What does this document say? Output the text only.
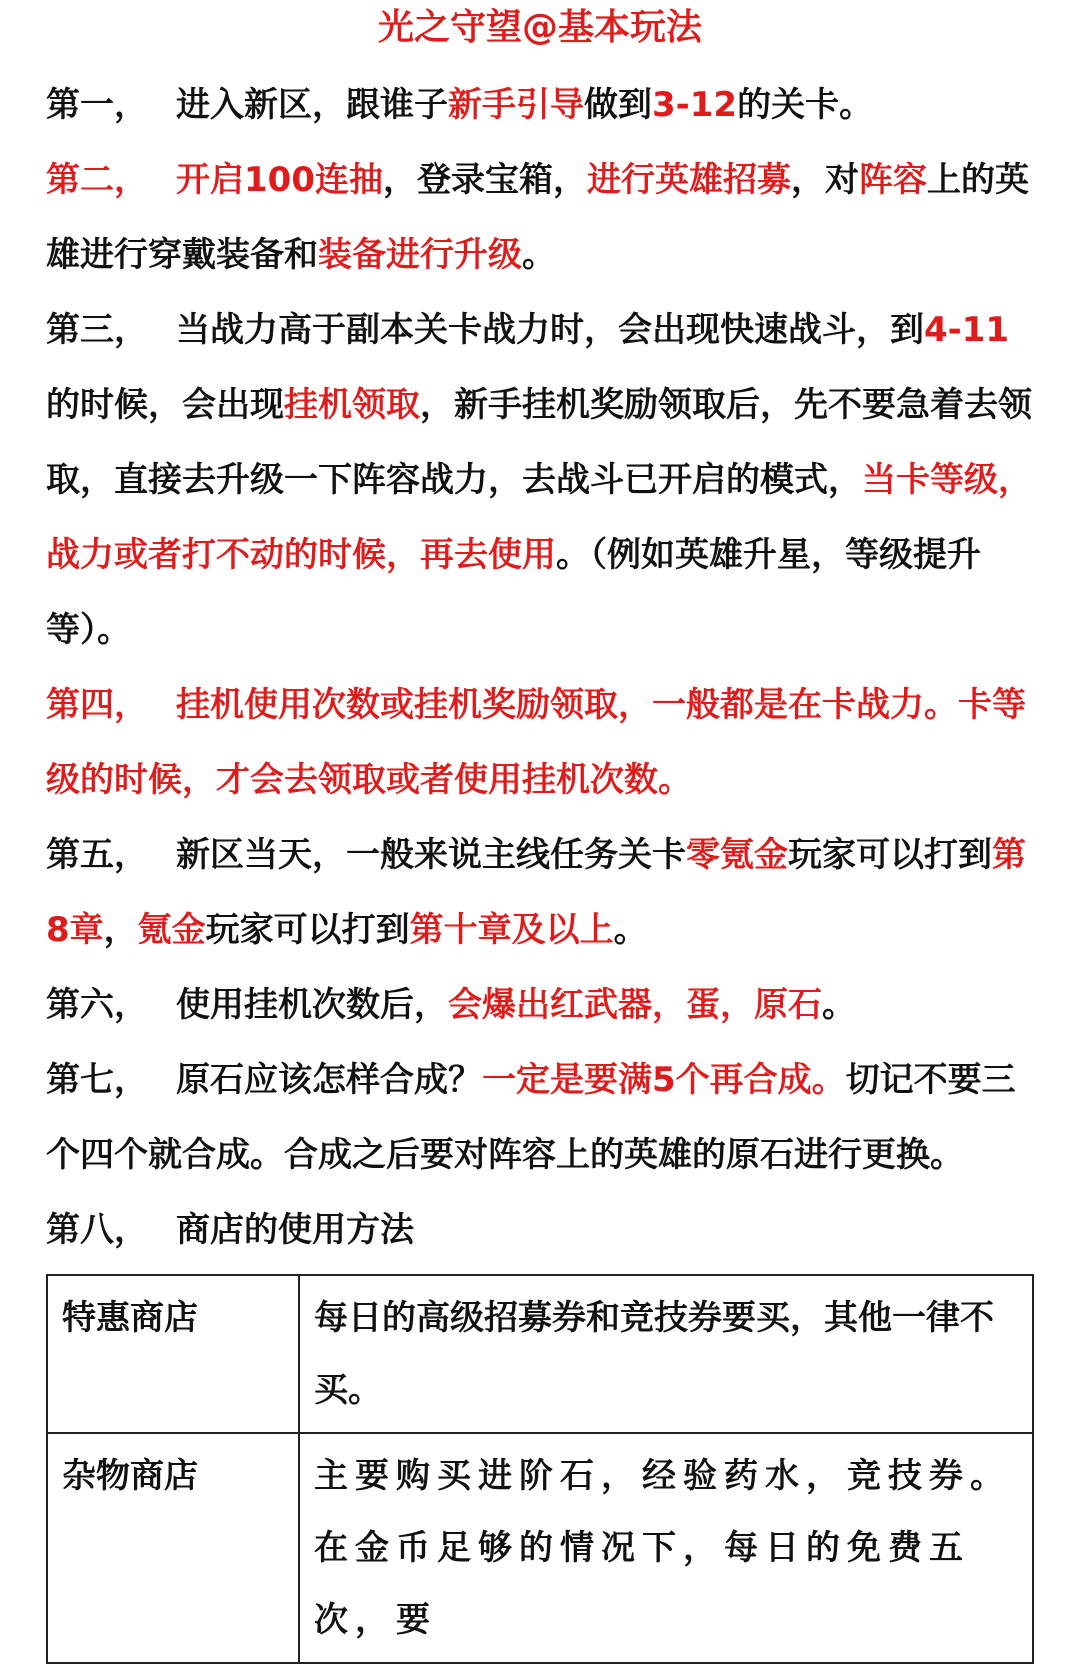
光之守望@基本玩法

第一， 进入新区，跟谁子新手引导做到3-12的关卡。

第二， 开启100连抽，登录宝箱，进行英雄招募，对阵容上的英雄进行穿戴装备和装备进行升级。

第三， 当战力高于副本关卡战力时，会出现快速战斗，到4-11的时候，会出现挂机领取，新手挂机奖励领取后，先不要急着去领取，直接去升级一下阵容战力，去战斗已开启的模式，当卡等级，战力或者打不动的时候，再去使用。（例如英雄升星，等级提升等）。

第四， 挂机使用次数或挂机奖励领取，一般都是在卡战力。卡等级的时候，才会去领取或者使用挂机次数。

第五， 新区当天，一般来说主线任务关卡零氪金玩家可以打到第8章，氪金玩家可以打到第十章及以上。

第六， 使用挂机次数后，会爆出红武器，蛋，原石。

第七， 原石应该怎样合成？一定是要满5个再合成。切记不要三个四个就合成。合成之后要对阵容上的英雄的原石进行更换。

第八， 商店的使用方法

特惠商店	每日的高级招募券和竞技券要买，其他一律不买。
杂物商店	主要购买进阶石，经验药水，竞技券。在金币足够的情况下，每日的免费五次，要
